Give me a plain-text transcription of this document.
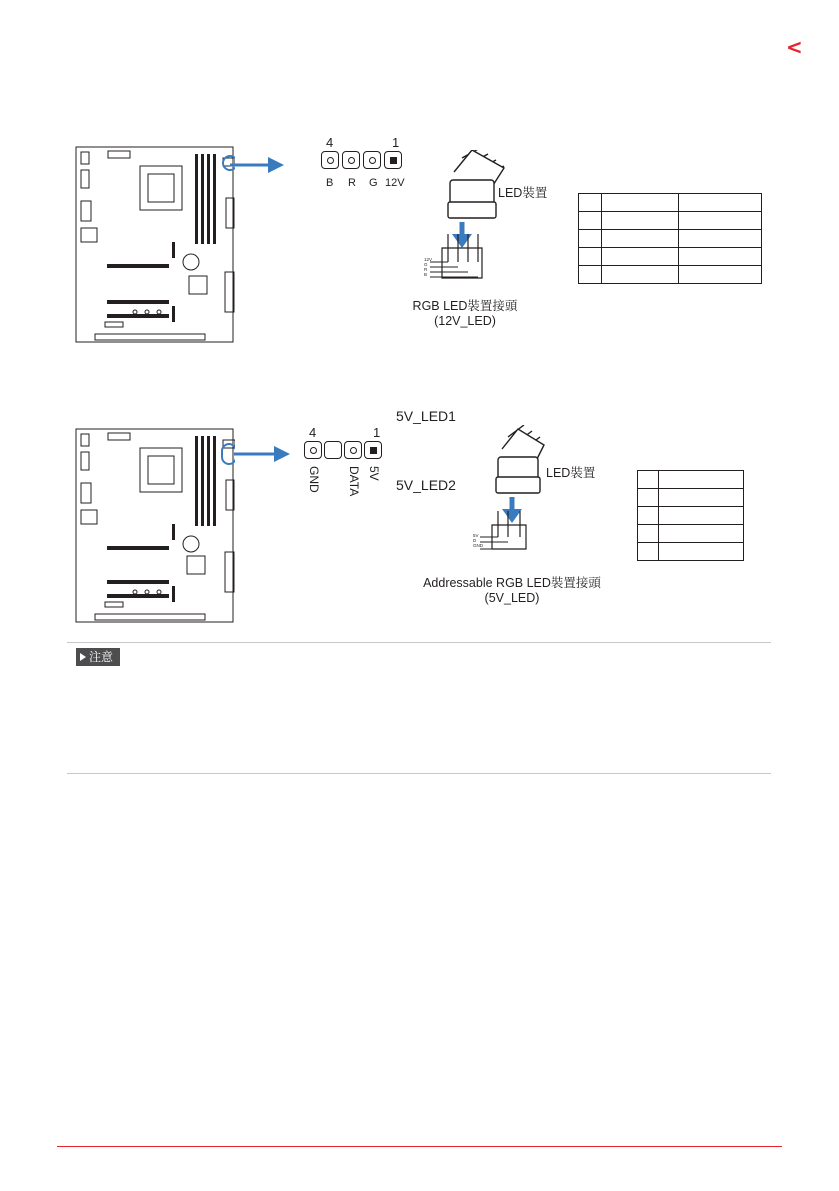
<
4	1
B R G 12V
12V
G
R
B
LED裝置
RGB LED裝置接頭
(12V_LED)

5V_LED1
5V_LED2
4	1
GND DATA 5V
5V
D
GND
LED裝置
Addressable RGB LED裝置接頭
(5V_LED)

注意
